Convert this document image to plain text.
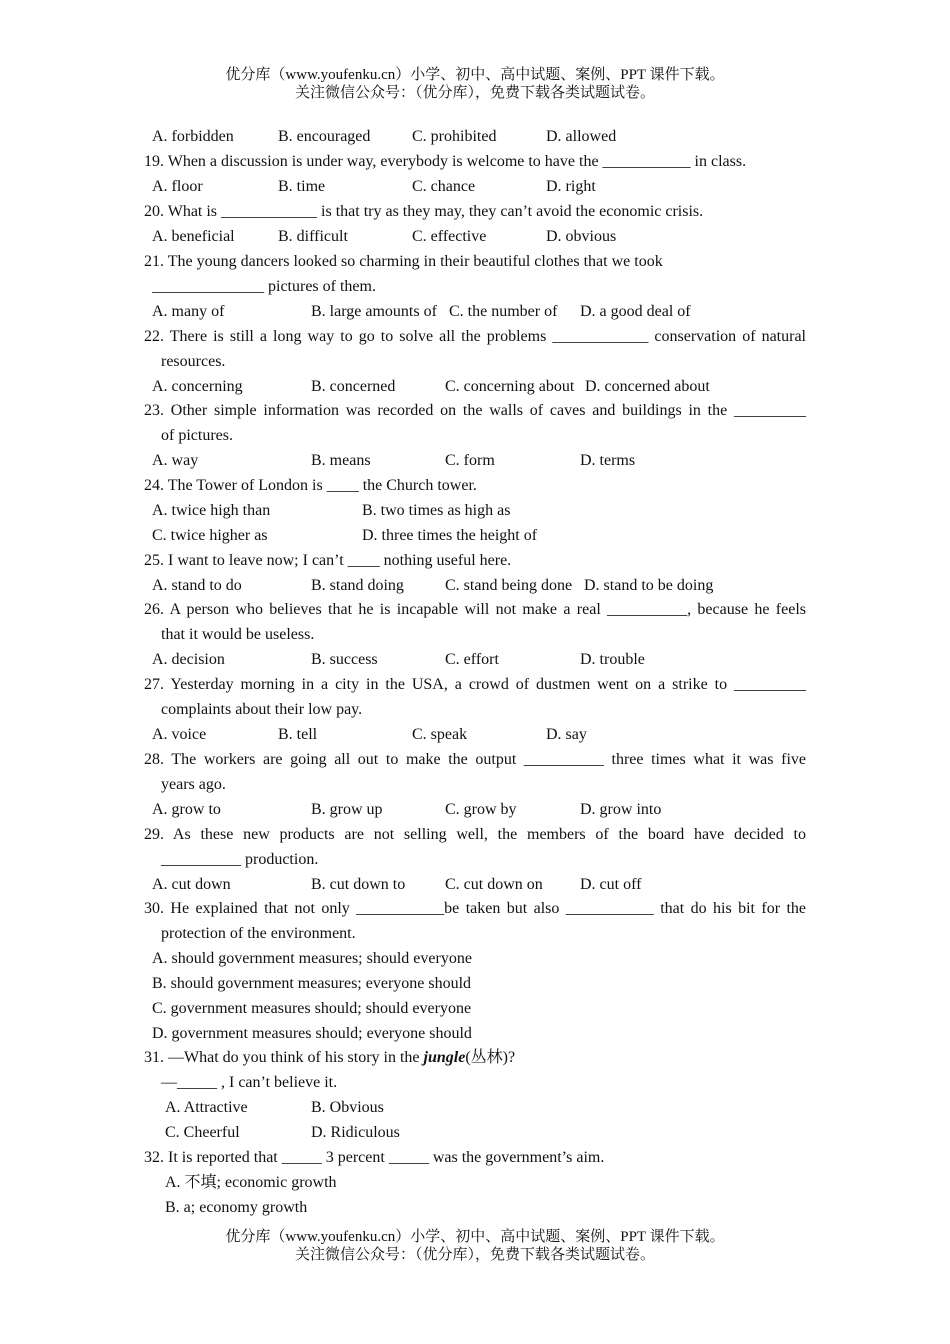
优分库（www.youfenku.cn）小学、初中、高中试题、案例、PPT 课件下载。
关注微信公众号：（优分库），免费下载各类试题试卷。
A. forbidden	B. encouraged	C. prohibited	D. allowed
19. When a discussion is under way, everybody is welcome to have the ___________ in class.
A. floor	B. time	C. chance	D. right
20. What is ____________ is that try as they may, they can’t avoid the economic crisis.
A. beneficial	B. difficult	C. effective	D. obvious
21. The young dancers looked so charming in their beautiful clothes that we took
______________ pictures of them.
A. many of	B. large amounts of C. the number of D. a good deal of
22. There is still a long way to go to solve all the problems ____________ conservation of natural
resources.
A. concerning	B. concerned	C. concerning about D. concerned about
23. Other simple information was recorded on the walls of caves and buildings in the _________
of pictures.
A. way	B. means	C. form	D. terms
24. The Tower of London is ____ the Church tower.
A. twice high than	B. two times as high as
C. twice higher as	D. three times the height of
25. I want to leave now; I can’t ____ nothing useful here.
A. stand to do	B. stand doing	C. stand being done D. stand to be doing
26. A person who believes that he is incapable will not make a real __________, because he feels
that it would be useless.
A. decision	B. success	C. effort	D. trouble
27. Yesterday morning in a city in the USA, a crowd of dustmen went on a strike to _________
complaints about their low pay.
A. voice	B. tell	C. speak	D. say
28. The workers are going all out to make the output __________ three times what it was five
years ago.
A. grow to	B. grow up	C. grow by	D. grow into
29. As these new products are not selling well, the members of the board have decided to
__________ production.
A. cut down	B. cut down to C. cut down on D. cut off
30. He explained that not only ___________be taken but also ___________ that do his bit for the
protection of the environment.
A. should government measures; should everyone
B. should government measures; everyone should
C. government measures should; should everyone
D. government measures should; everyone should
31. —What do you think of his story in the jungle(丛林)?
—_____ , I can’t believe it.
A. Attractive	B. Obvious
C. Cheerful	D. Ridiculous
32. It is reported that _____ 3 percent _____ was the government’s aim.
A. 不填; economic growth
B. a; economy growth
优分库（www.youfenku.cn）小学、初中、高中试题、案例、PPT 课件下载。
关注微信公众号：（优分库），免费下载各类试题试卷。
